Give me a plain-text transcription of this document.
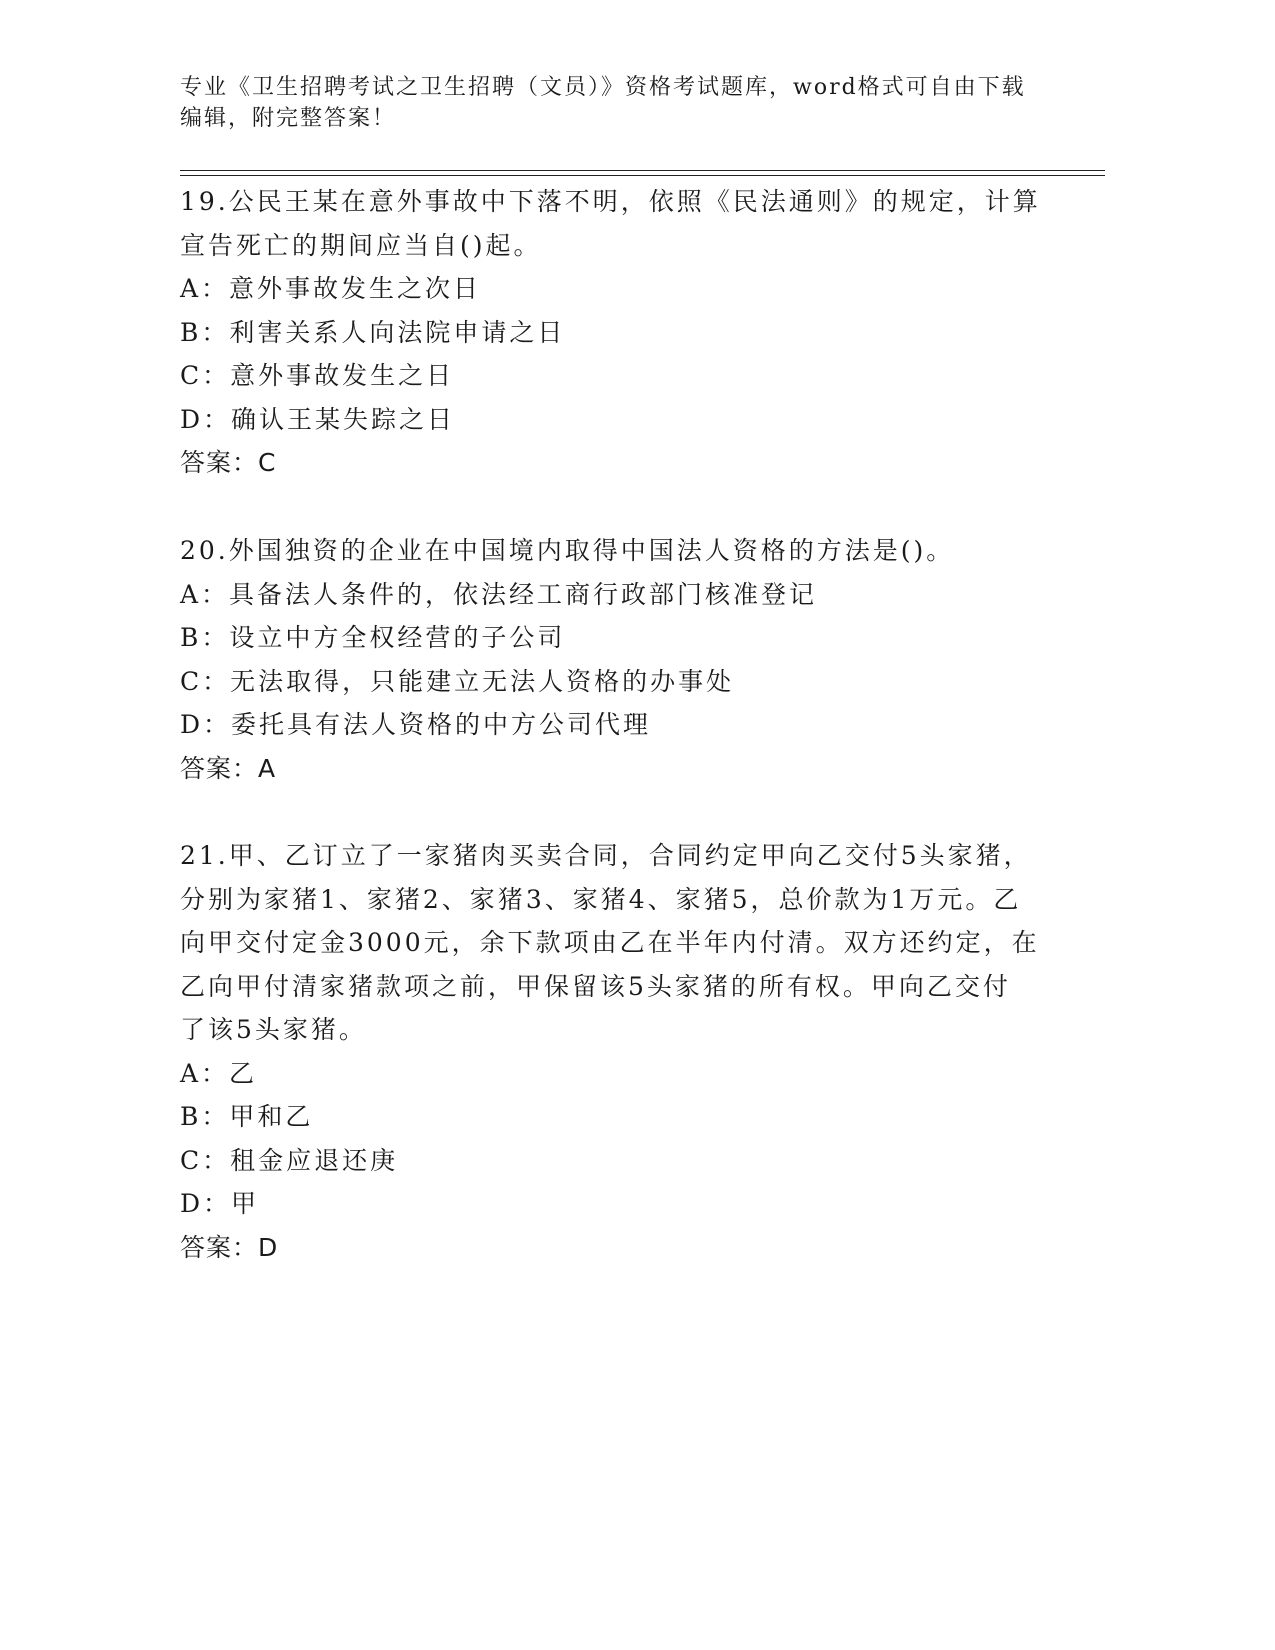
专业《卫生招聘考试之卫生招聘（文员）》资格考试题库，word格式可自由下载
编辑，附完整答案！
19.公民王某在意外事故中下落不明，依照《民法通则》的规定，计算
宣告死亡的期间应当自()起。
A：意外事故发生之次日
B：利害关系人向法院申请之日
C：意外事故发生之日
D：确认王某失踪之日
答案：C
20.外国独资的企业在中国境内取得中国法人资格的方法是()。
A：具备法人条件的，依法经工商行政部门核准登记
B：设立中方全权经营的子公司
C：无法取得，只能建立无法人资格的办事处
D：委托具有法人资格的中方公司代理
答案：A
21.甲、乙订立了一家猪肉买卖合同，合同约定甲向乙交付5头家猪，
分别为家猪1、家猪2、家猪3、家猪4、家猪5，总价款为1万元。乙
向甲交付定金3000元，余下款项由乙在半年内付清。双方还约定，在
乙向甲付清家猪款项之前，甲保留该5头家猪的所有权。甲向乙交付
了该5头家猪。
A：乙
B：甲和乙
C：租金应退还庚
D：甲
答案：D
